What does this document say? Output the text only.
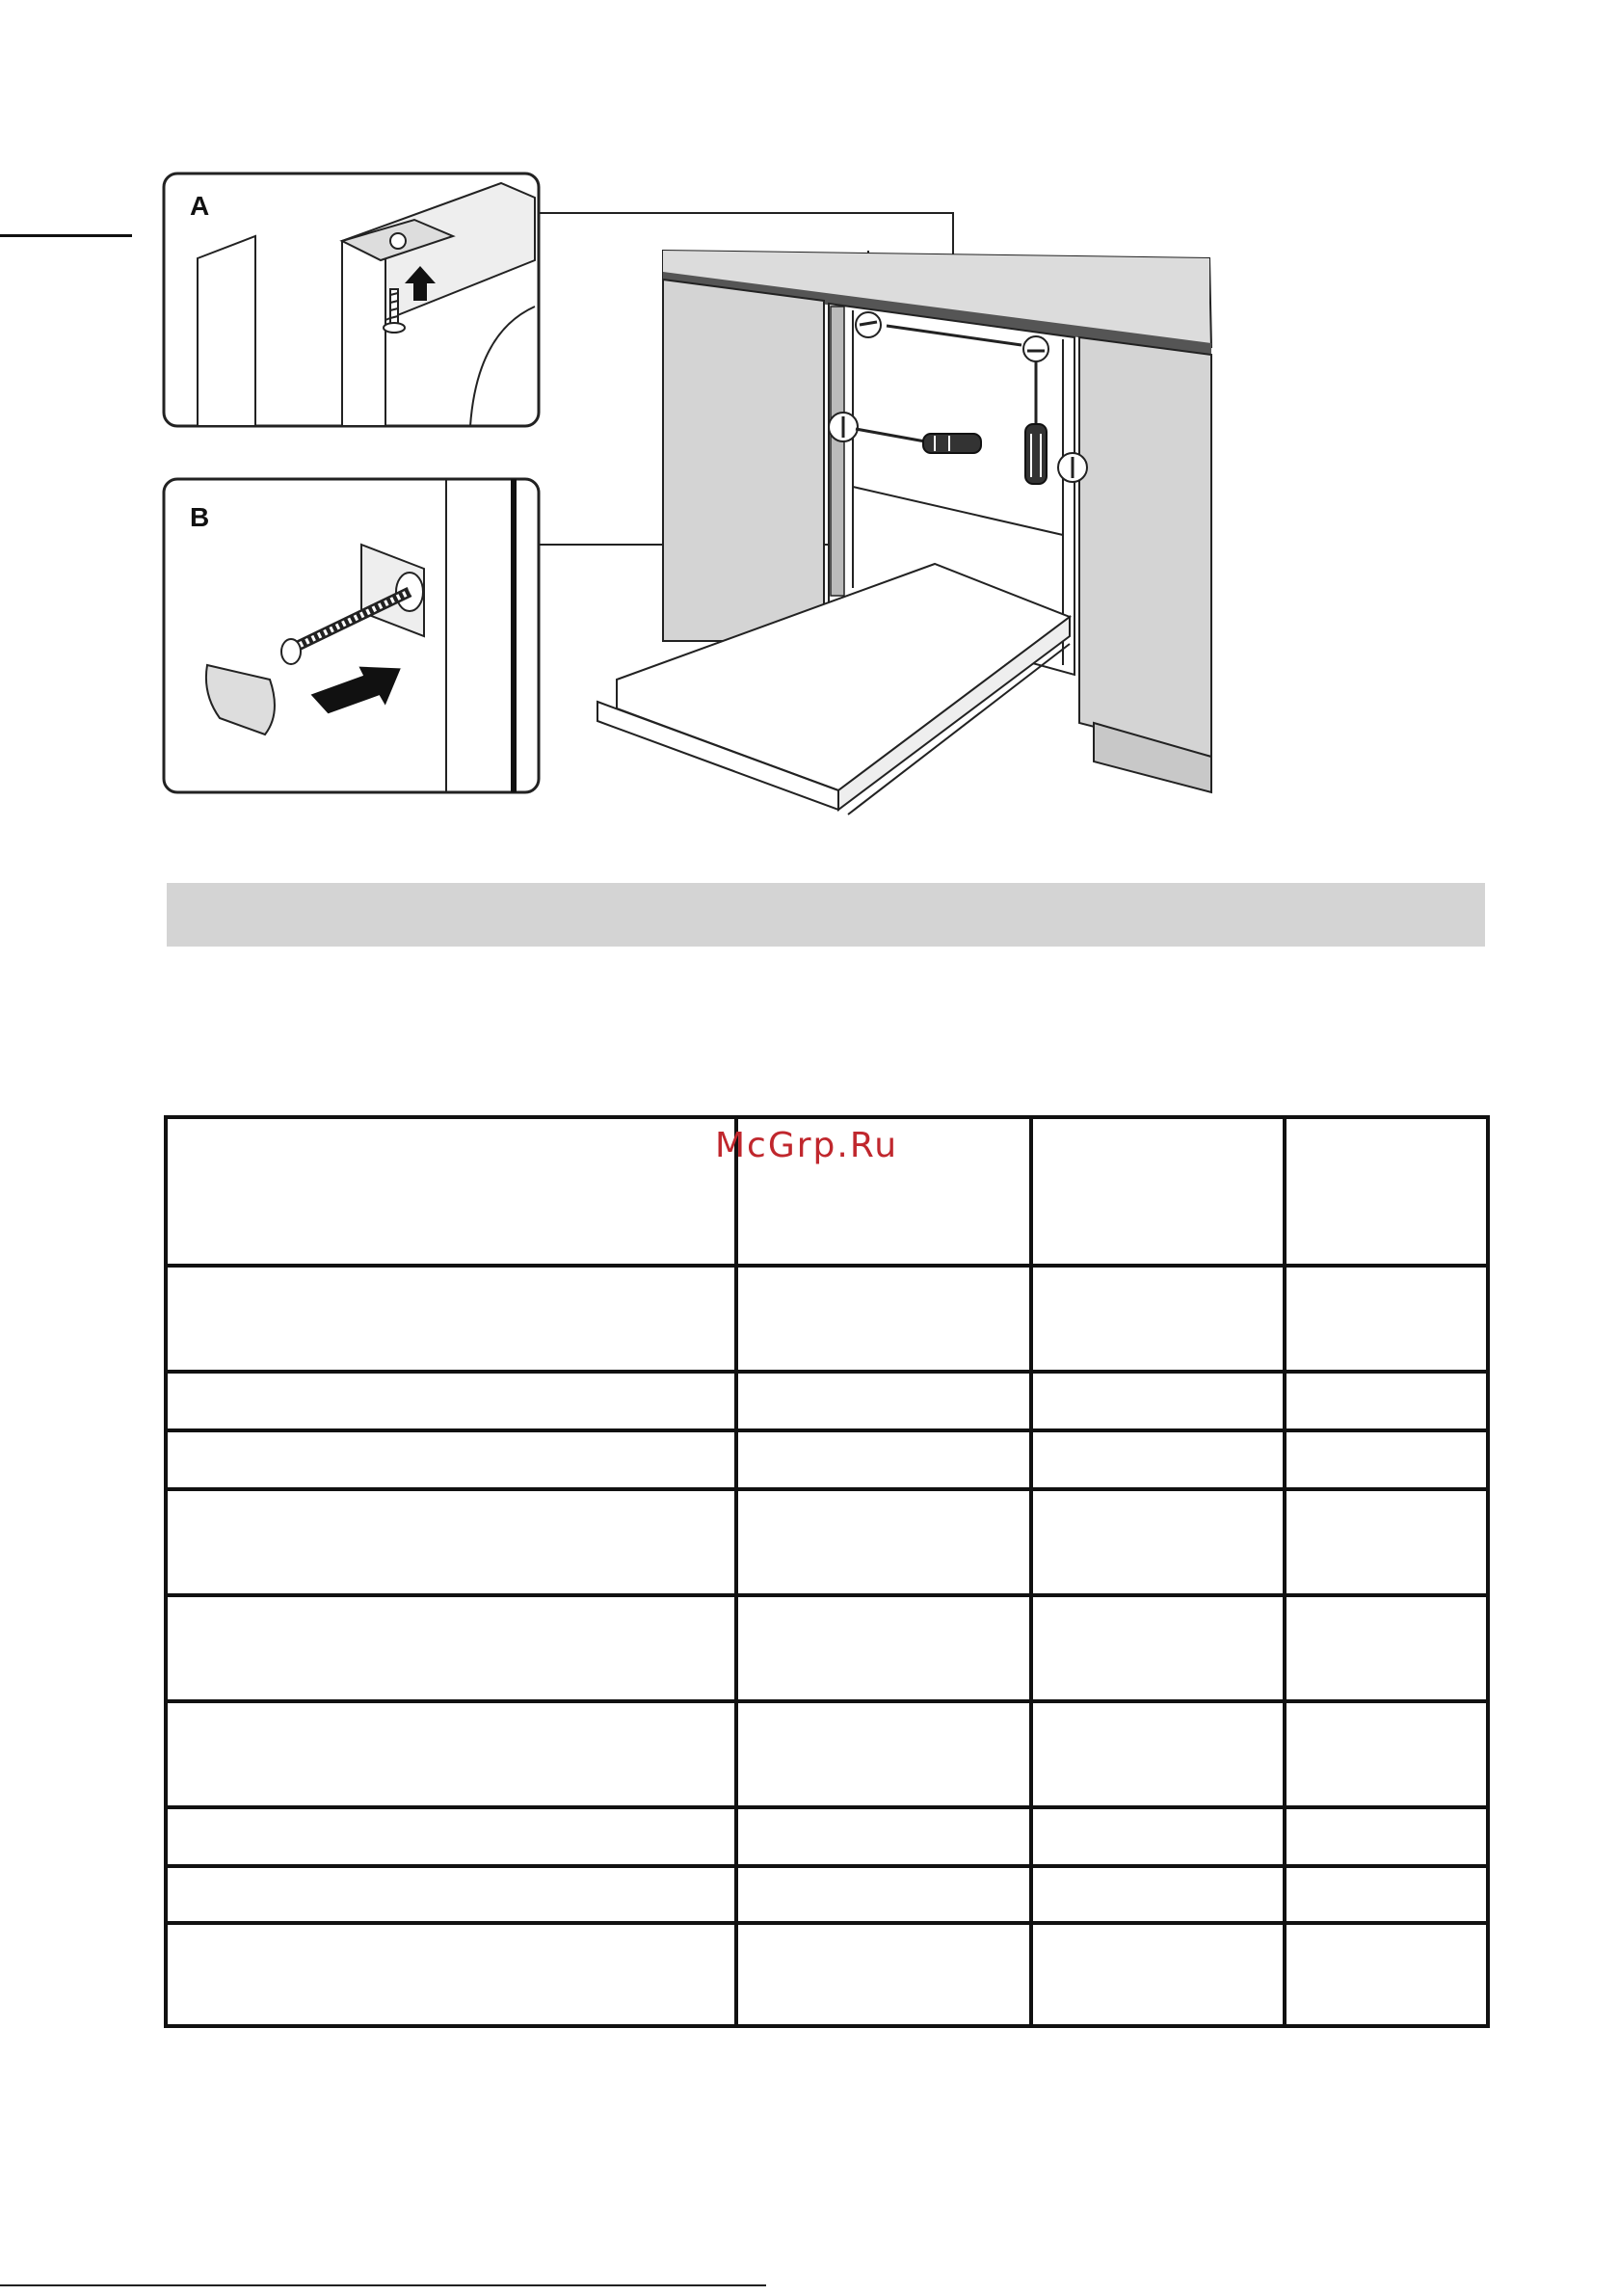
A
B
McGrp.Ru
